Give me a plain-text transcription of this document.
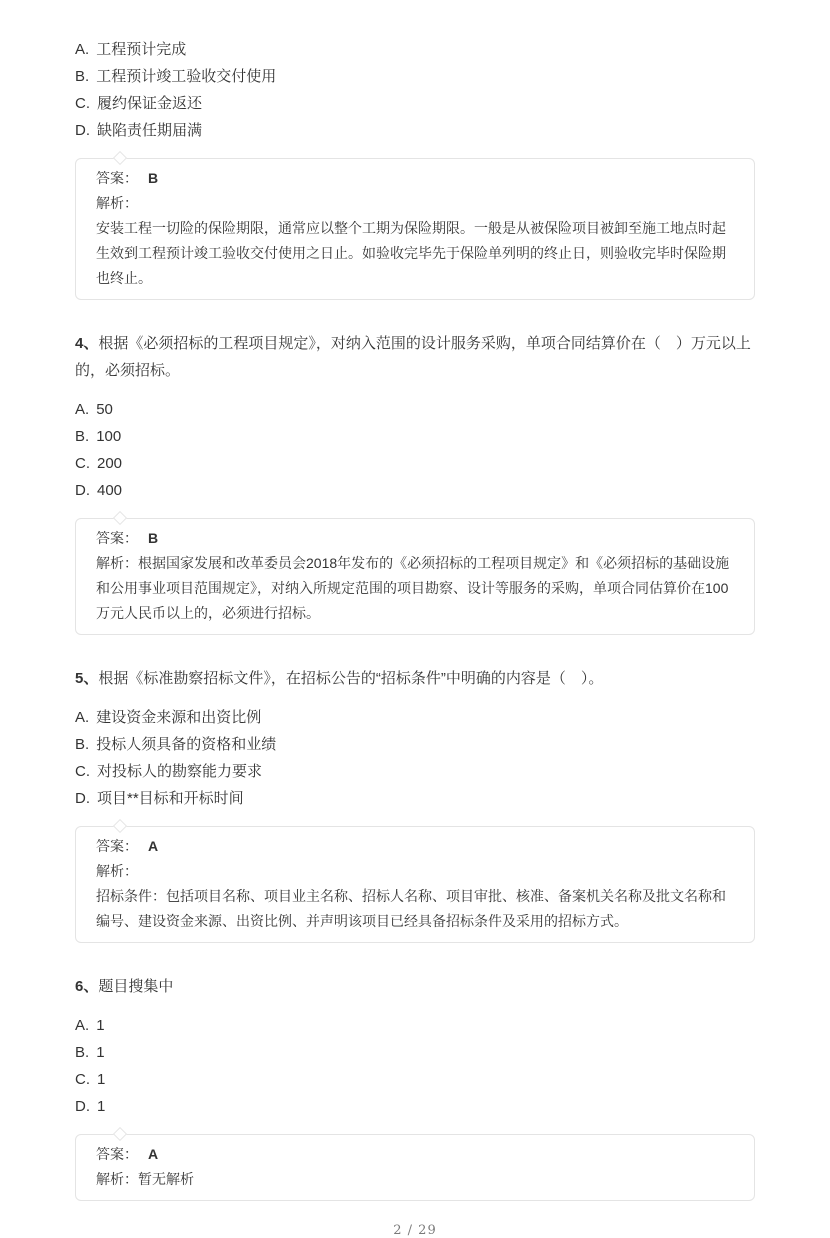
A. 工程预计完成
B. 工程预计竣工验收交付使用
C. 履约保证金返还
D. 缺陷责任期届满

答案： B

解析：

安装工程一切险的保险期限，通常应以整个工期为保险期限。一般是从被保险项目被卸至施工地点时起生效到工程预计竣工验收交付使用之日止。如验收完毕先于保险单列明的终止日，则验收完毕时保险期也终止。

4、根据《必须招标的工程项目规定》，对纳入范围的设计服务采购，单项合同结算价在（　）万元以上的，必须招标。
A. 50
B. 100
C. 200
D. 400

答案： B

解析：根据国家发展和改革委员会2018年发布的《必须招标的工程项目规定》和《必须招标的基础设施和公用事业项目范围规定》，对纳入所规定范围的项目勘察、设计等服务的采购，单项合同估算价在100万元人民币以上的，必须进行招标。

5、根据《标准勘察招标文件》，在招标公告的“招标条件”中明确的内容是（　）。
A. 建设资金来源和出资比例
B. 投标人须具备的资格和业绩
C. 对投标人的勘察能力要求
D. 项目**目标和开标时间

答案： A

解析：

招标条件：包括项目名称、项目业主名称、招标人名称、项目审批、核准、备案机关名称及批文名称和编号、建设资金来源、出资比例、并声明该项目已经具备招标条件及采用的招标方式。

6、题目搜集中
A. 1
B. 1
C. 1
D. 1

答案： A

解析：暂无解析

2 / 29
